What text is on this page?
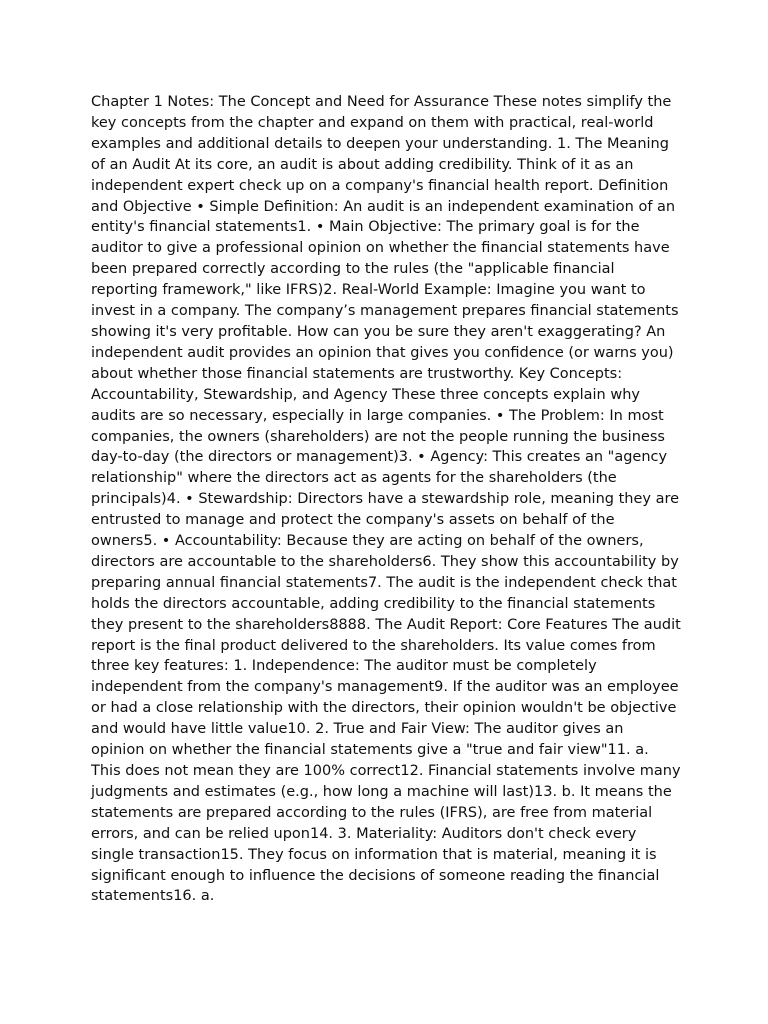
Chapter 1 Notes: The Concept and Need for Assurance These notes simplify the key concepts from the chapter and expand on them with practical, real-world examples and additional details to deepen your understanding. 1. The Meaning of an Audit At its core, an audit is about adding credibility. Think of it as an independent expert check up on a company's financial health report. Definition and Objective • Simple Definition: An audit is an independent examination of an entity's financial statements1. • Main Objective: The primary goal is for the auditor to give a professional opinion on whether the financial statements have been prepared correctly according to the rules (the "applicable financial reporting framework," like IFRS)2. Real-World Example: Imagine you want to invest in a company. The company’s management prepares financial statements showing it's very profitable. How can you be sure they aren't exaggerating? An independent audit provides an opinion that gives you confidence (or warns you) about whether those financial statements are trustworthy. Key Concepts: Accountability, Stewardship, and Agency These three concepts explain why audits are so necessary, especially in large companies. • The Problem: In most companies, the owners (shareholders) are not the people running the business day-to-day (the directors or management)3. • Agency: This creates an "agency relationship" where the directors act as agents for the shareholders (the principals)4. • Stewardship: Directors have a stewardship role, meaning they are entrusted to manage and protect the company's assets on behalf of the owners5. • Accountability: Because they are acting on behalf of the owners, directors are accountable to the shareholders6. They show this accountability by preparing annual financial statements7. The audit is the independent check that holds the directors accountable, adding credibility to the financial statements they present to the shareholders8888. The Audit Report: Core Features The audit report is the final product delivered to the shareholders. Its value comes from three key features: 1. Independence: The auditor must be completely independent from the company's management9. If the auditor was an employee or had a close relationship with the directors, their opinion wouldn't be objective and would have little value10. 2. True and Fair View: The auditor gives an opinion on whether the financial statements give a "true and fair view"11. a. This does not mean they are 100% correct12. Financial statements involve many judgments and estimates (e.g., how long a machine will last)13. b. It means the statements are prepared according to the rules (IFRS), are free from material errors, and can be relied upon14. 3. Materiality: Auditors don't check every single transaction15. They focus on information that is material, meaning it is significant enough to influence the decisions of someone reading the financial statements16. a.
